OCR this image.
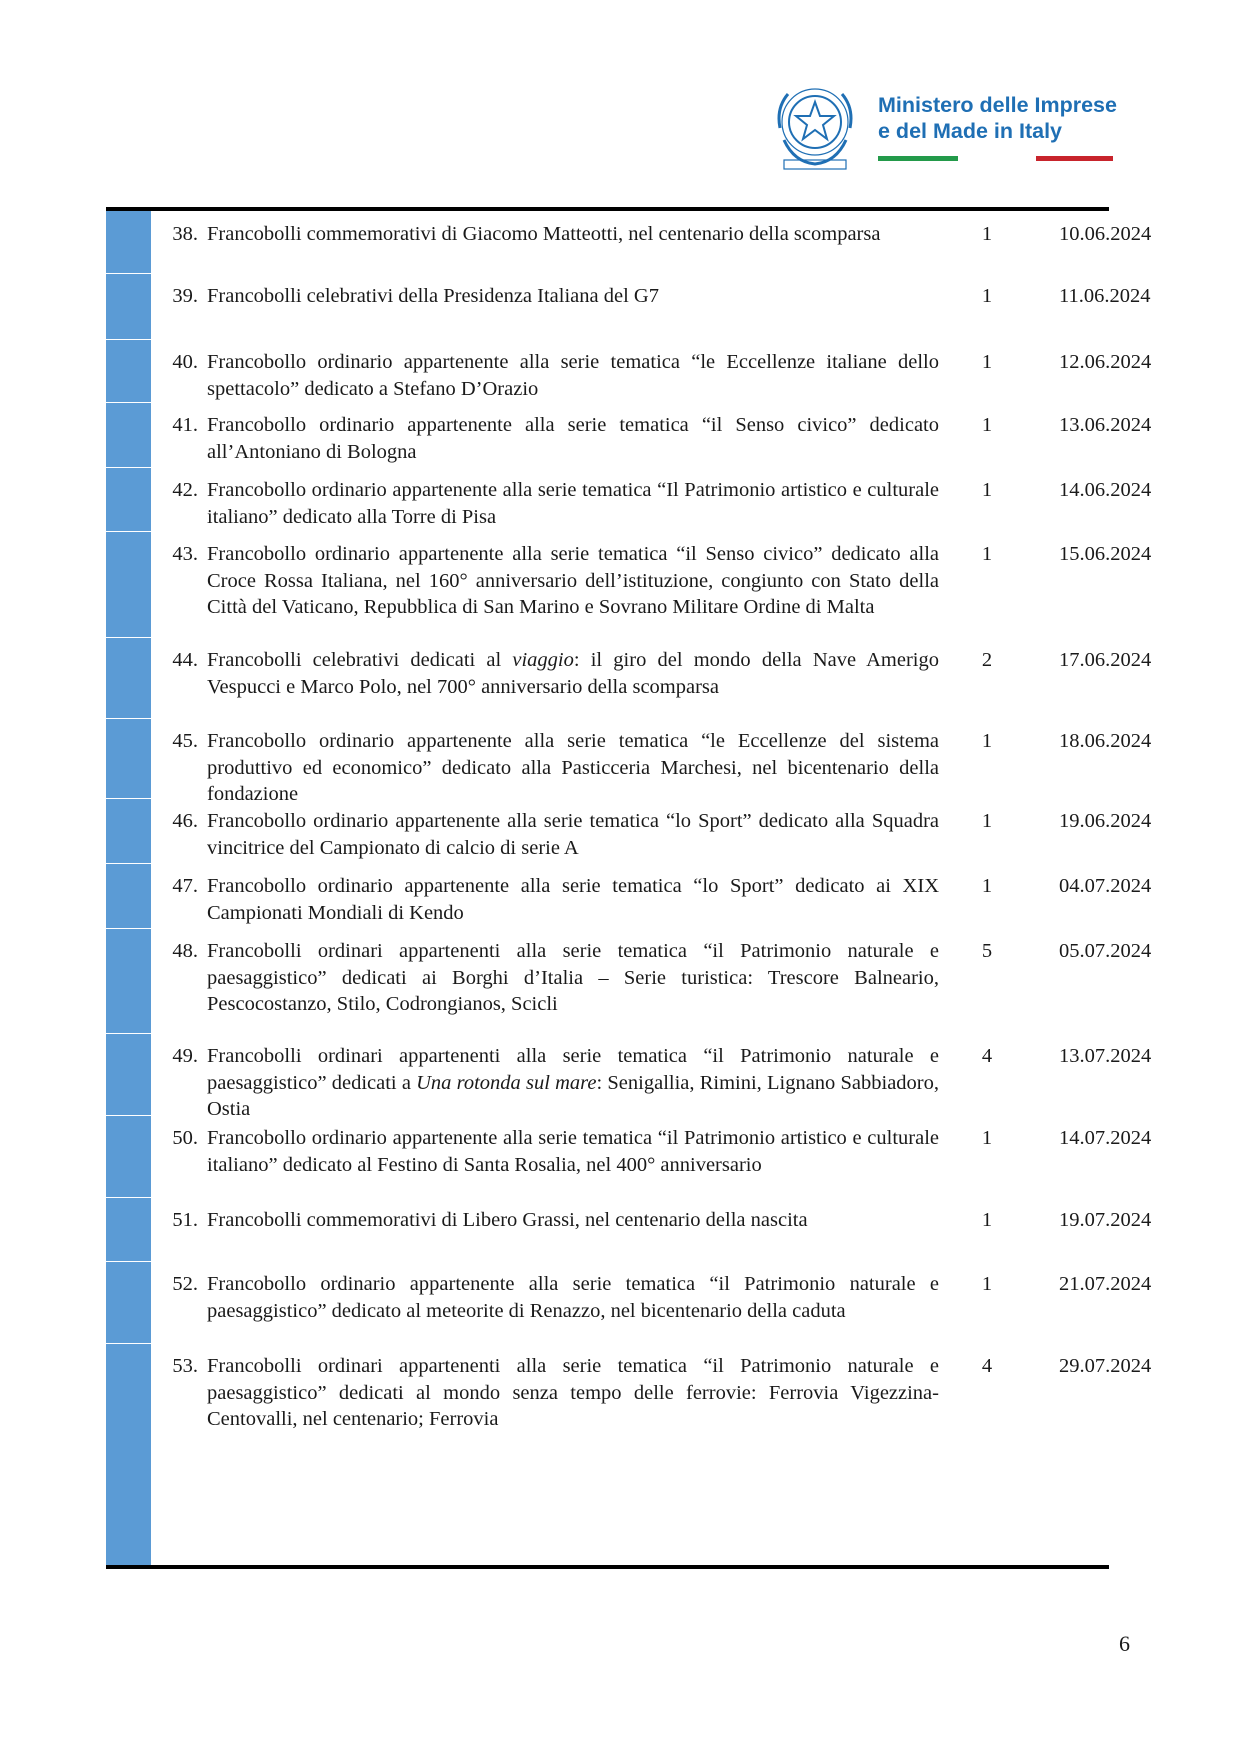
Ministero delle Imprese
e del Made in Italy
38. Francobolli commemorativi di Giacomo Matteotti, nel centenario della scomparsa	1	10.06.2024
39. Francobolli celebrativi della Presidenza Italiana del G7	1	11.06.2024
40. Francobollo ordinario appartenente alla serie tematica “le Eccellenze italiane dello spettacolo” dedicato a Stefano D’Orazio
1	12.06.2024
41. Francobollo ordinario appartenente alla serie tematica “il Senso civico” dedicato all’Antoniano di Bologna
1	13.06.2024
42. Francobollo ordinario appartenente alla serie tematica “Il Patrimonio artistico e culturale italiano” dedicato alla Torre di Pisa
1	14.06.2024
43. Francobollo ordinario appartenente alla serie tematica “il Senso civico” dedicato alla Croce Rossa Italiana, nel 160° anniversario dell’istituzione, congiunto con Stato della Città del Vaticano, Repubblica di San Marino e Sovrano Militare Ordine di Malta
1	15.06.2024
44. Francobolli celebrativi dedicati al viaggio: il giro del mondo della Nave Amerigo Vespucci e Marco Polo, nel 700° anniversario della scomparsa
2	17.06.2024
45. Francobollo ordinario appartenente alla serie tematica “le Eccellenze del sistema produttivo ed economico” dedicato alla Pasticceria Marchesi, nel bicentenario della fondazione
1	18.06.2024
46. Francobollo ordinario appartenente alla serie tematica “lo Sport” dedicato alla Squadra vincitrice del Campionato di calcio di serie A
1	19.06.2024
47. Francobollo ordinario appartenente alla serie tematica “lo Sport” dedicato ai XIX Campionati Mondiali di Kendo
1	04.07.2024
48. Francobolli ordinari appartenenti alla serie tematica “il Patrimonio naturale e paesaggistico” dedicati ai Borghi d’Italia – Serie turistica: Trescore Balneario, Pescocostanzo, Stilo, Codrongianos, Scicli
5	05.07.2024
49. Francobolli ordinari appartenenti alla serie tematica “il Patrimonio naturale e paesaggistico” dedicati a Una rotonda sul mare: Senigallia, Rimini, Lignano Sabbiadoro, Ostia
4	13.07.2024
50. Francobollo ordinario appartenente alla serie tematica “il Patrimonio artistico e culturale italiano” dedicato al Festino di Santa Rosalia, nel 400° anniversario
1	14.07.2024
51. Francobolli commemorativi di Libero Grassi, nel centenario della nascita	1	19.07.2024
52. Francobollo ordinario appartenente alla serie tematica “il Patrimonio naturale e paesaggistico” dedicato al meteorite di Renazzo, nel bicentenario della caduta
1	21.07.2024
53. Francobolli ordinari appartenenti alla serie tematica “il Patrimonio naturale e paesaggistico” dedicati al mondo senza tempo delle ferrovie: Ferrovia Vigezzina-Centovalli, nel centenario; Ferrovia
4	29.07.2024
6
